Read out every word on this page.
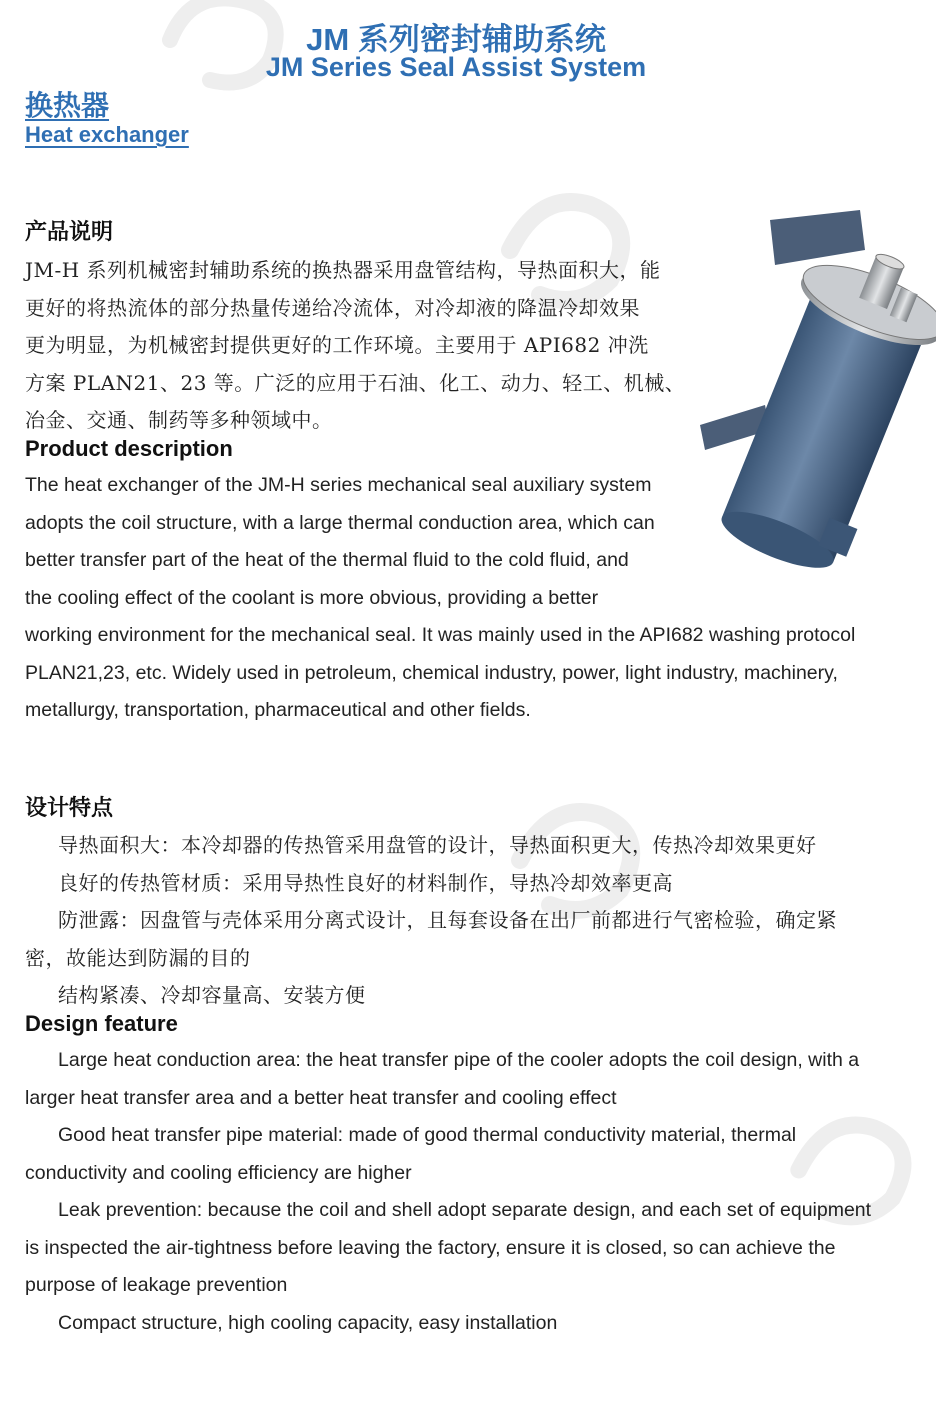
JM 系列密封辅助系统
JM Series Seal Assist System
换热器
Heat exchanger
产品说明
JM-H 系列机械密封辅助系统的换热器采用盘管结构，导热面积大，能
更好的将热流体的部分热量传递给冷流体，对冷却液的降温冷却效果
更为明显，为机械密封提供更好的工作环境。主要用于 API682 冲洗
方案 PLAN21、23 等。广泛的应用于石油、化工、动力、轻工、机械、
冶金、交通、制药等多种领域中。
Product description
The heat exchanger of the JM-H series mechanical seal auxiliary system
adopts the coil structure, with a large thermal conduction area, which can
better transfer part of the heat of the thermal fluid to the cold fluid, and
the cooling effect of the coolant is more obvious, providing a better
working environment for the mechanical seal. It was mainly used in the API682 washing protocol
PLAN21,23, etc. Widely used in petroleum, chemical industry, power, light industry, machinery,
metallurgy, transportation, pharmaceutical and other fields.
设计特点
导热面积大：本冷却器的传热管采用盘管的设计，导热面积更大，传热冷却效果更好
良好的传热管材质：采用导热性良好的材料制作，导热冷却效率更高
防泄露：因盘管与壳体采用分离式设计，且每套设备在出厂前都进行气密检验，确定紧
密，故能达到防漏的目的
结构紧凑、冷却容量高、安装方便
Design feature
Large heat conduction area: the heat transfer pipe of the cooler adopts the coil design, with a
larger heat transfer area and a better heat transfer and cooling effect
Good heat transfer pipe material: made of good thermal conductivity material, thermal
conductivity and cooling efficiency are higher
Leak prevention: because the coil and shell adopt separate design, and each set of equipment
is inspected the air-tightness before leaving the factory, ensure it is closed, so can achieve the
purpose of leakage prevention
Compact structure, high cooling capacity, easy installation
